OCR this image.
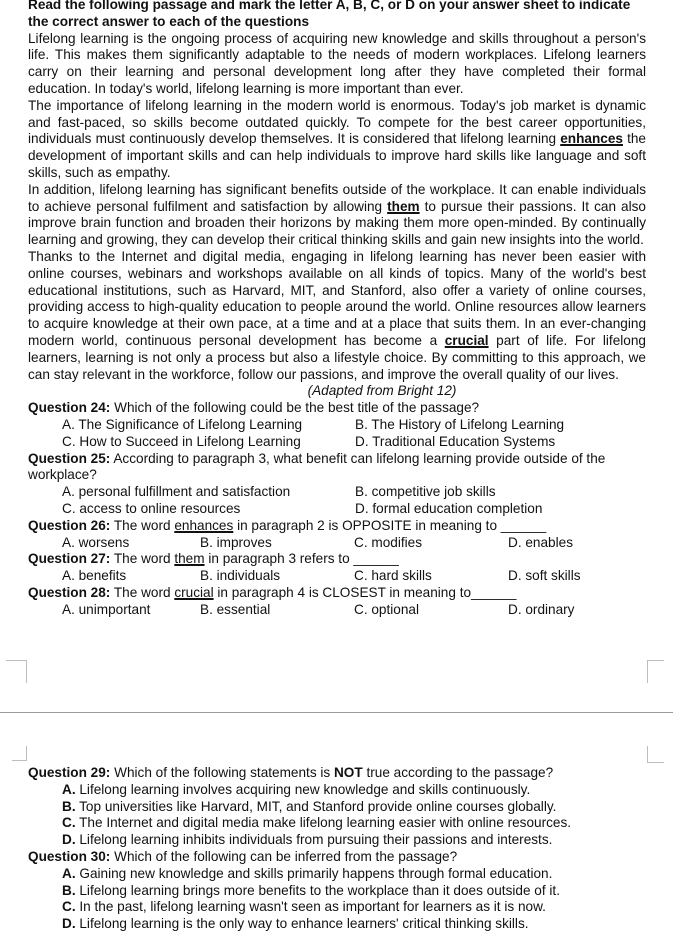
Read the following passage and mark the letter A, B, C, or D on your answer sheet to indicate the correct answer to each of the questions
Lifelong learning is the ongoing process of acquiring new knowledge and skills throughout a person's life. This makes them significantly adaptable to the needs of modern workplaces. Lifelong learners carry on their learning and personal development long after they have completed their formal education. In today's world, lifelong learning is more important than ever.
The importance of lifelong learning in the modern world is enormous. Today's job market is dynamic and fast-paced, so skills become outdated quickly. To compete for the best career opportunities, individuals must continuously develop themselves. It is considered that lifelong learning enhances the development of important skills and can help individuals to improve hard skills like language and soft skills, such as empathy.
In addition, lifelong learning has significant benefits outside of the workplace. It can enable individuals to achieve personal fulfilment and satisfaction by allowing them to pursue their passions. It can also improve brain function and broaden their horizons by making them more open-minded. By continually learning and growing, they can develop their critical thinking skills and gain new insights into the world.
Thanks to the Internet and digital media, engaging in lifelong learning has never been easier with online courses, webinars and workshops available on all kinds of topics. Many of the world's best educational institutions, such as Harvard, MIT, and Stanford, also offer a variety of online courses, providing access to high-quality education to people around the world. Online resources allow learners to acquire knowledge at their own pace, at a time and at a place that suits them. In an ever-changing modern world, continuous personal development has become a crucial part of life. For lifelong learners, learning is not only a process but also a lifestyle choice. By committing to this approach, we can stay relevant in the workforce, follow our passions, and improve the overall quality of our lives.
(Adapted from Bright 12)
Question 24: Which of the following could be the best title of the passage?
A. The Significance of Lifelong Learning	B. The History of Lifelong Learning
C. How to Succeed in Lifelong Learning	D. Traditional Education Systems
Question 25: According to paragraph 3, what benefit can lifelong learning provide outside of the workplace?
A. personal fulfillment and satisfaction	B. competitive job skills
C. access to online resources	D. formal education completion
Question 26: The word enhances in paragraph 2 is OPPOSITE in meaning to ______
A. worsens	B. improves	C. modifies	D. enables
Question 27: The word them in paragraph 3 refers to ______
A. benefits	B. individuals	C. hard skills	D. soft skills
Question 28: The word crucial in paragraph 4 is CLOSEST in meaning to______
A. unimportant	B. essential	C. optional	D. ordinary
Question 29: Which of the following statements is NOT true according to the passage?
A. Lifelong learning involves acquiring new knowledge and skills continuously.
B. Top universities like Harvard, MIT, and Stanford provide online courses globally.
C. The Internet and digital media make lifelong learning easier with online resources.
D. Lifelong learning inhibits individuals from pursuing their passions and interests.
Question 30: Which of the following can be inferred from the passage?
A. Gaining new knowledge and skills primarily happens through formal education.
B. Lifelong learning brings more benefits to the workplace than it does outside of it.
C. In the past, lifelong learning wasn't seen as important for learners as it is now.
D. Lifelong learning is the only way to enhance learners' critical thinking skills.
